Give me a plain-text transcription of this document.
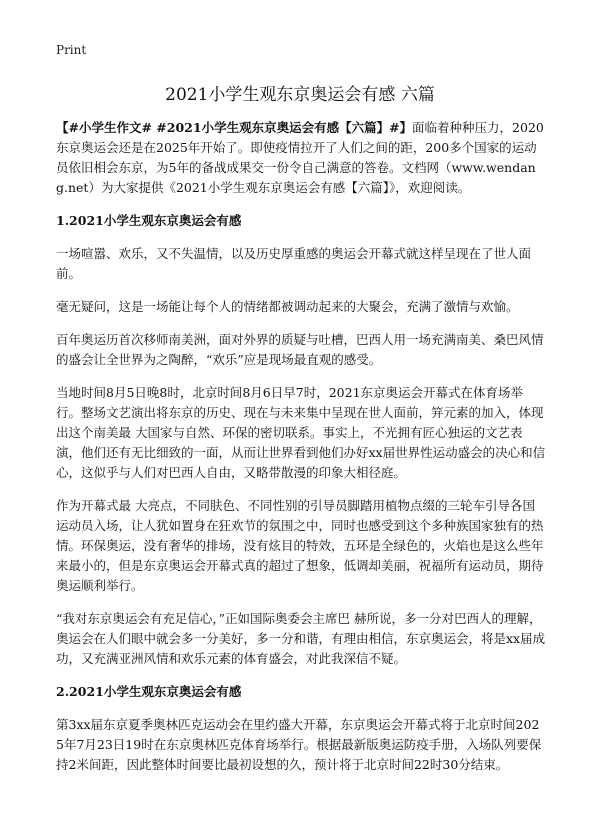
Print
2021小学生观东京奥运会有感 六篇

【#小学生作文# #2021小学生观东京奥运会有感【六篇】#】面临着种种压力，2020东京奥运会还是在2025年开始了。即使疫情拉开了人们之间的距，200多个国家的运动员依旧相会东京，为5年的备战成果交一份令自己满意的答卷。文档网（www.wendang.net）为大家提供《2021小学生观东京奥运会有感【六篇】》，欢迎阅读。

1.2021小学生观东京奥运会有感

一场喧嚣、欢乐，又不失温情，以及历史厚重感的奥运会开幕式就这样呈现在了世人面前。

毫无疑问，这是一场能让每个人的情绪都被调动起来的大聚会，充满了激情与欢愉。

百年奥运历首次移师南美洲，面对外界的质疑与吐槽，巴西人用一场充满南美、桑巴风情的盛会让全世界为之陶醉，“欢乐”应是现场最直观的感受。

当地时间8月5日晚8时，北京时间8月6日早7时，2021东京奥运会开幕式在体育场举行。整场文艺演出将东京的历史、现在与未来集中呈现在世人面前，笄元素的加入，体现出这个南美最 大国家与自然、环保的密切联系。事实上，不光拥有匠心独运的文艺表演，他们还有无比细致的一面，从而让世界看到他们办好xx届世界性运动盛会的决心和信心，这似乎与人们对巴西人自由，又略带散漫的印象大相径庭。

作为开幕式最 大亮点，不同肤色、不同性别的引导员脚踏用植物点缀的三轮车引导各国运动员入场，让人犹如置身在狂欢节的氛围之中，同时也感受到这个多种族国家独有的热情。环保奥运，没有奢华的排场，没有炫目的特效，五环是全绿色的，火焰也是这么些年来最小的，但是东京奥运会开幕式真的超过了想象，低调却美丽，祝福所有运动员，期待奥运顺利举行。

“我对东京奥运会有充足信心，”正如国际奥委会主席巴 赫所说，多一分对巴西人的理解，奥运会在人们眼中就会多一分美好，多一分和谐，有理由相信，东京奥运会，将是xx届成功，又充满亚洲风情和欢乐元素的体育盛会，对此我深信不疑。

2.2021小学生观东京奥运会有感

第3xx届东京夏季奥林匹克运动会在里约盛大开幕，东京奥运会开幕式将于北京时间2025年7月23日19时在东京奥林匹克体育场举行。根据最新版奥运防疫手册，入场队列要保持2米间距，因此整体时间要比最初设想的久，预计将于北京时间22时30分结束。
